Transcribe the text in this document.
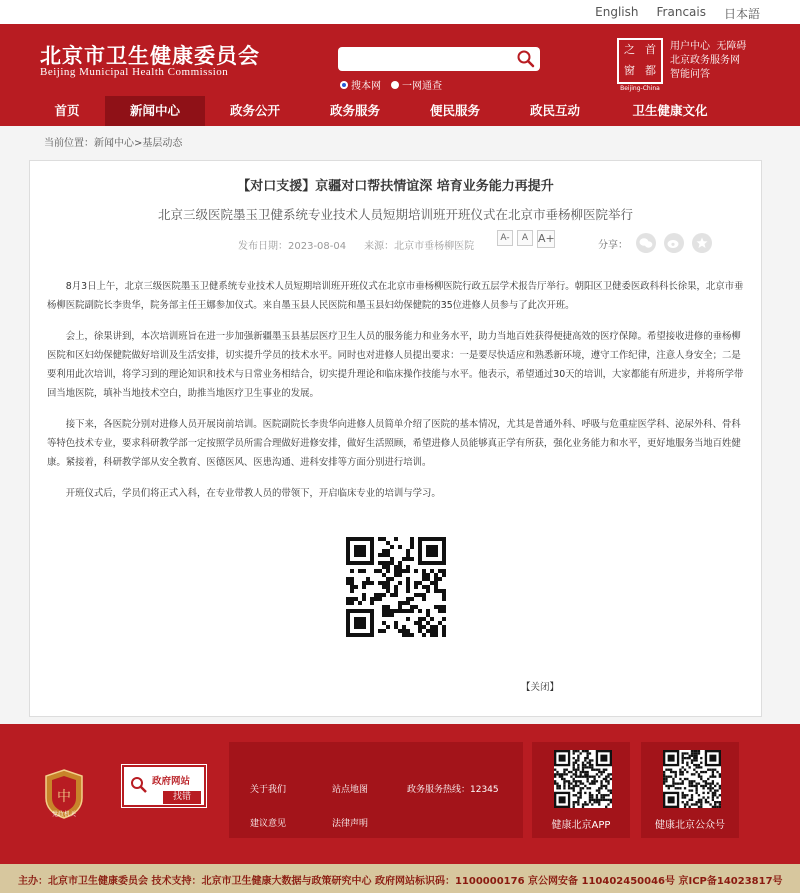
English Francais 日本語
北京市卫生健康委员会
Beijing Municipal Health Commission
搜本网 一网通查
之 首
窗 都
Beijing-China
用户中心 无障碍
北京政务服务网
智能问答
首页	新闻中心	政务公开	政务服务	便民服务	政民互动	卫生健康文化
当前位置：新闻中心>基层动态
【对口支援】京疆对口帮扶情谊深 培育业务能力再提升
北京三级医院墨玉卫健系统专业技术人员短期培训班开班仪式在北京市垂杨柳医院举行
发布日期：2023-08-04 来源：北京市垂杨柳医院
A-	A A+	分享：

8月3日上午，北京三级医院墨玉卫健系统专业技术人员短期培训班开班仪式在北京市垂杨柳医院行政五层学术报告厅举行。朝阳区卫健委医政科科长徐果，北京市垂杨柳医院副院长李贵华，院务部主任王娜参加仪式。来自墨玉县人民医院和墨玉县妇幼保健院的35位进修人员参与了此次开班。

会上，徐果讲到，本次培训班旨在进一步加强新疆墨玉县基层医疗卫生人员的服务能力和业务水平，助力当地百姓获得便捷高效的医疗保障。希望接收进修的垂杨柳医院和区妇幼保健院做好培训及生活安排，切实提升学员的技术水平。同时也对进修人员提出要求：一是要尽快适应和熟悉新环境，遵守工作纪律，注意人身安全；二是要利用此次培训，将学习到的理论知识和技术与日常业务相结合，切实提升理论和临床操作技能与水平。他表示，希望通过30天的培训，大家都能有所进步，并将所学带回当地医院，填补当地技术空白，助推当地医疗卫生事业的发展。

接下来，各医院分别对进修人员开展岗前培训。医院副院长李贵华向进修人员简单介绍了医院的基本情况，尤其是普通外科、呼吸与危重症医学科、泌尿外科、骨科等特色技术专业，要求科研教学部一定按照学员所需合理做好进修安排，做好生活照顾，希望进修人员能够真正学有所获，强化业务能力和水平，更好地服务当地百姓健康。紧接着，科研教学部从安全教育、医德医风、医患沟通、进科安排等方面分别进行培训。

开班仪式后，学员们将正式入科，在专业带教人员的带领下，开启临床专业的培训与学习。

【关闭】
中
党政机关
政府网站
找错
关于我们	站点地图	政务服务热线：12345
建议意见	法律声明	健康北京APP	健康北京公众号
主办：北京市卫生健康委员会 技术支持：北京市卫生健康大数据与政策研究中心 政府网站标识码：1100000176 京公网安备 110402450046号 京ICP备14023817号
